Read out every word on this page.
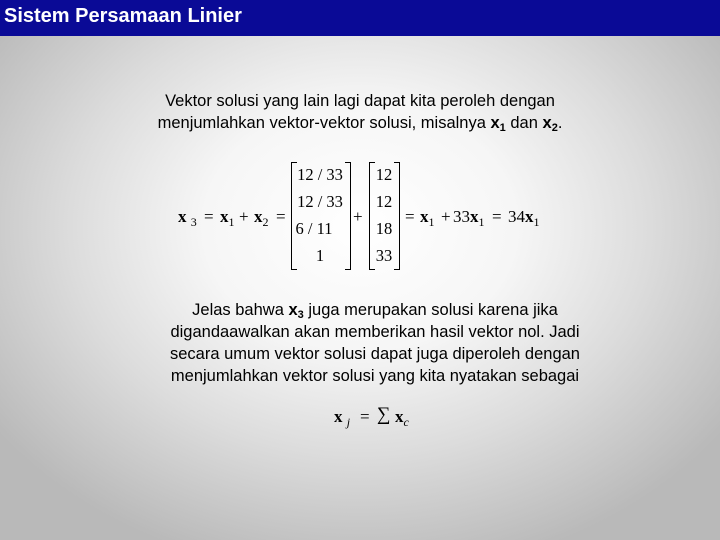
Sistem Persamaan Linier
Vektor solusi yang lain lagi dapat kita peroleh dengan
menjumlahkan vektor-vektor solusi, misalnya $x_1$ dan $x_2$.
x $_3 = x_1 + x_2$ =
12 / 33
12 / 33
6 / 11
1
+
12
12
18
33
= $x_1 + 33x_1 = 34x_1$
Jelas bahwa $x_3$ juga merupakan solusi karena jika
digandaawalkan akan memberikan hasil vektor nol. Jadi
secara umum vektor solusi dapat juga diperoleh dengan
menjumlahkan vektor solusi yang kita nyatakan sebagai
x $_j$ = ∑ $x_c$
